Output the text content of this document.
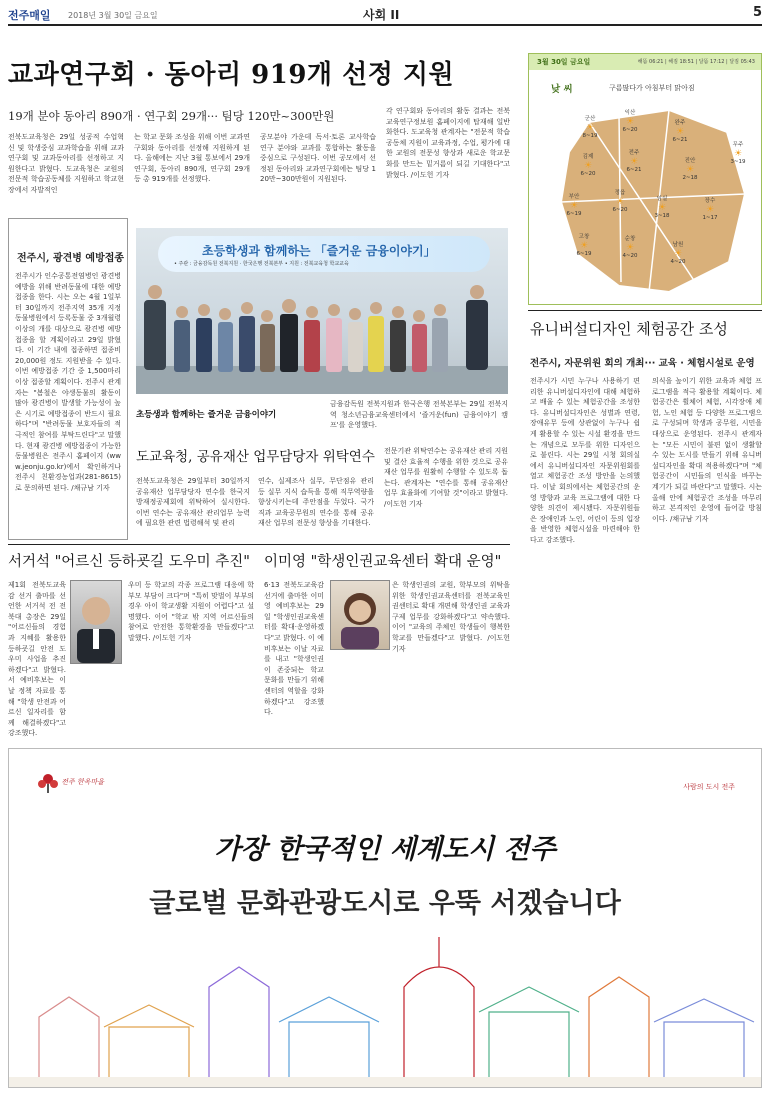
전주매일 2018년 3월 30일 금요일	사회 II	5
교과연구회 · 동아리 919개 선정 지원
19개 분야 동아리 890개 · 연구회 29개··· 팀당 120만~300만원
전북도교육청은 29일 성공적 수업혁신 및 학생중심 교과학습을 위해 교과연구회 및 교과동아리를 선정하고 지원한다고 밝혔다. 도교육청은 교원의 전문적 학습공동체를 지원하고 학교현장에서 자발적인
는 학교 문화 조성을 위해 이번 교과연구회와 동아리를 선정해 지원하게 된다. 올해에는 지난 3월 통보에서 29개 연구회, 동아리 890개, 연구회 29개 등 총 919개를 선정했다.
공모분야 가운데 독서·토론 교사학습연구 분야와 교과를 통합하는 활동을 중심으로 구성된다. 이번 공모에서 선정된 동아리와 교과연구회에는 팀당 120만~300만원이 지원된다.
각 연구회와 동아리의 활동 결과는 전북교육연구정보원 홈페이지에 탑재해 일반화한다. 도교육청 관계자는 "전문적 학습공동체 지원이 교육과정, 수업, 평가에 대한 교원의 전문성 향상과 새로운 학교문화를 만드는 밑거름이 되길 기대한다"고 밝혔다. /이도헌 기자
전주시, 광견병 예방접종
전주시가 인수공통전염병인 광견병 예방을 위해 반려동물에 대한 예방접종을 한다. 시는 오는 4월 1일부터 30일까지 전주지역 35개 지정동물병원에서 등록동물 중 3개월령 이상의 개를 대상으로 광견병 예방접종을 할 계획이라고 29일 밝혔다. 이 기간 내에 접종하면 접종비 20,000원 정도 지원받을 수 있다. 이번 예방접종 기간 중 1,500마리 이상 접종할 계획이다. 전주시 관계자는 "봄철은 야생동물의 활동이 많아 광견병이 발생할 가능성이 높은 시기로 예방접종이 반드시 필요하다"며 "반려동물 보호자들의 적극적인 참여를 부탁드린다"고 말했다. 현재 광견병 예방접종이 가능한 동물병원은 전주시 홈페이지 (www.jeonju.go.kr)에서 확인하거나 전주시 친환경농업과(281-8615)로 문의하면 된다. /채규남 기자
초등학생과 함께하는 「즐거운 금융이야기」
• 주관 : 금융감독원 전북지원 · 한국은행 전북본부 • 지원 : 전북교육청 학교교육
초등생과 함께하는 즐거운 금융이야기
금융감독원 전북지원과 한국은행 전북본부는 29일 전북지역 청소년금융교육센터에서 '즐거운(fun) 금융이야기 캠프'를 운영했다.
도교육청, 공유재산 업무담당자 위탁연수
전북도교육청은 29일부터 30일까지 공유재산 업무담당자 연수를 한국지방재정공제회에 위탁하여 실시한다. 이번 연수는 공유재산 관리업무 능력에 필요한 관련 법령해석 및 관리
연수, 실제조사 실무, 무단점유 관리 등 실무 지식 습득을 통해 직무역량을 향상시키는데 주안점을 두었다. 국가직과 교육공무원의 연수를 통해 공유재산 업무의 전문성 향상을 기대한다.
전문기관 위탁연수는 공유재산 관리 지원 및 결산 효율적 수행을 위한 것으로 공유재산 업무를 원활히 수행할 수 있도록 돕는다. 관계자는 "연수를 통해 공유재산 업무 효율화에 기여할 것"이라고 밝혔다. /이도헌 기자
서거석 "어르신 등하굣길 도우미 추진"
제1회 전북도교육감 선거 출마를 선언한 서거석 전 전북대 총장은 29일 "어르신들의 경험과 지혜를 활용한 등하굣길 안전 도우미 사업을 추진하겠다"고 밝혔다. 서 예비후보는 이날 정책 자료를 통해 "학생 안전과 어르신 일자리를 함께 해결하겠다"고 강조했다.
우미 등 학교의 각종 프로그램 대응에 학부모 부담이 크다"며 "특히 맞벌이 부부의 경우 아이 학교생활 지원이 어렵다"고 설명했다. 이어 "학교 밖 지역 어르신들의 참여로 안전한 통학환경을 만들겠다"고 말했다. /이도헌 기자
이미영 "학생인권교육센터 확대 운영"
6·13 전북도교육감 선거에 출마한 이미영 예비후보는 29일 "학생인권교육센터를 확대·운영하겠다"고 밝혔다. 이 예비후보는 이날 자료를 내고 "학생인권이 존중되는 학교 문화를 만들기 위해 센터의 역할을 강화하겠다"고 강조했다.
은 학생인권의 교원, 학부모의 위탁을 위한 학생인권교육센터를 전북교육인권센터로 확대 개편해 학생인권 교육과 구제 업무를 강화하겠다"고 약속했다. 이어 "교육의 주체인 학생들이 행복한 학교를 만들겠다"고 밝혔다. /이도헌 기자
3월 30일 금요일	해뜸 06:21 | 해짐 18:51 | 달뜸 17:12 | 달짐 05:43
낮 씨	구름많다가 아침부터 맑아짐
군산
☀
8~19
익산
☀
6~20
완주
☀
6~21
김제
☀
6~20
전주
☀
6~21
진안
☀
2~18
무주
☀
3~19
부안
☀
6~19
정읍
☀
6~20
임실
☀
3~18
장수
☀
1~17
고창
☀
6~19
순창
☀
4~20
남원
☀
4~20
유니버설디자인 체험공간 조성
전주시, 자문위원 회의 개최··· 교육 · 체험시설로 운영
전주시가 시민 누구나 사용하기 편리한 유니버설디자인에 대해 체험하고 배울 수 있는 체험공간을 조성한다. 유니버설디자인은 성별과 연령, 장애유무 등에 상관없이 누구나 쉽게 활용할 수 있는 시설 환경을 만드는 개념으로 모두를 위한 디자인으로 불린다. 시는 29일 시청 회의실에서 유니버설디자인 자문위원회를 열고 체험공간 조성 방안을 논의했다. 이날 회의에서는 체험공간의 운영 방향과 교육 프로그램에 대한 다양한 의견이 제시됐다. 자문위원들은 장애인과 노인, 어린이 등의 입장을 반영한 체험시설을 마련해야 한다고 강조했다.
의식을 높이기 위한 교육과 체험 프로그램을 적극 활용할 계획이다. 체험공간은 휠체어 체험, 시각장애 체험, 노인 체험 등 다양한 프로그램으로 구성되며 학생과 공무원, 시민을 대상으로 운영된다. 전주시 관계자는 "모든 시민이 불편 없이 생활할 수 있는 도시를 만들기 위해 유니버설디자인을 확대 적용하겠다"며 "체험공간이 시민들의 인식을 바꾸는 계기가 되길 바란다"고 말했다. 시는 올해 안에 체험공간 조성을 마무리하고 본격적인 운영에 들어갈 방침이다. /채규남 기자
전주 한옥마을
사람의 도시 전주
가장 한국적인 세계도시 전주
글로벌 문화관광도시로 우뚝 서겠습니다
